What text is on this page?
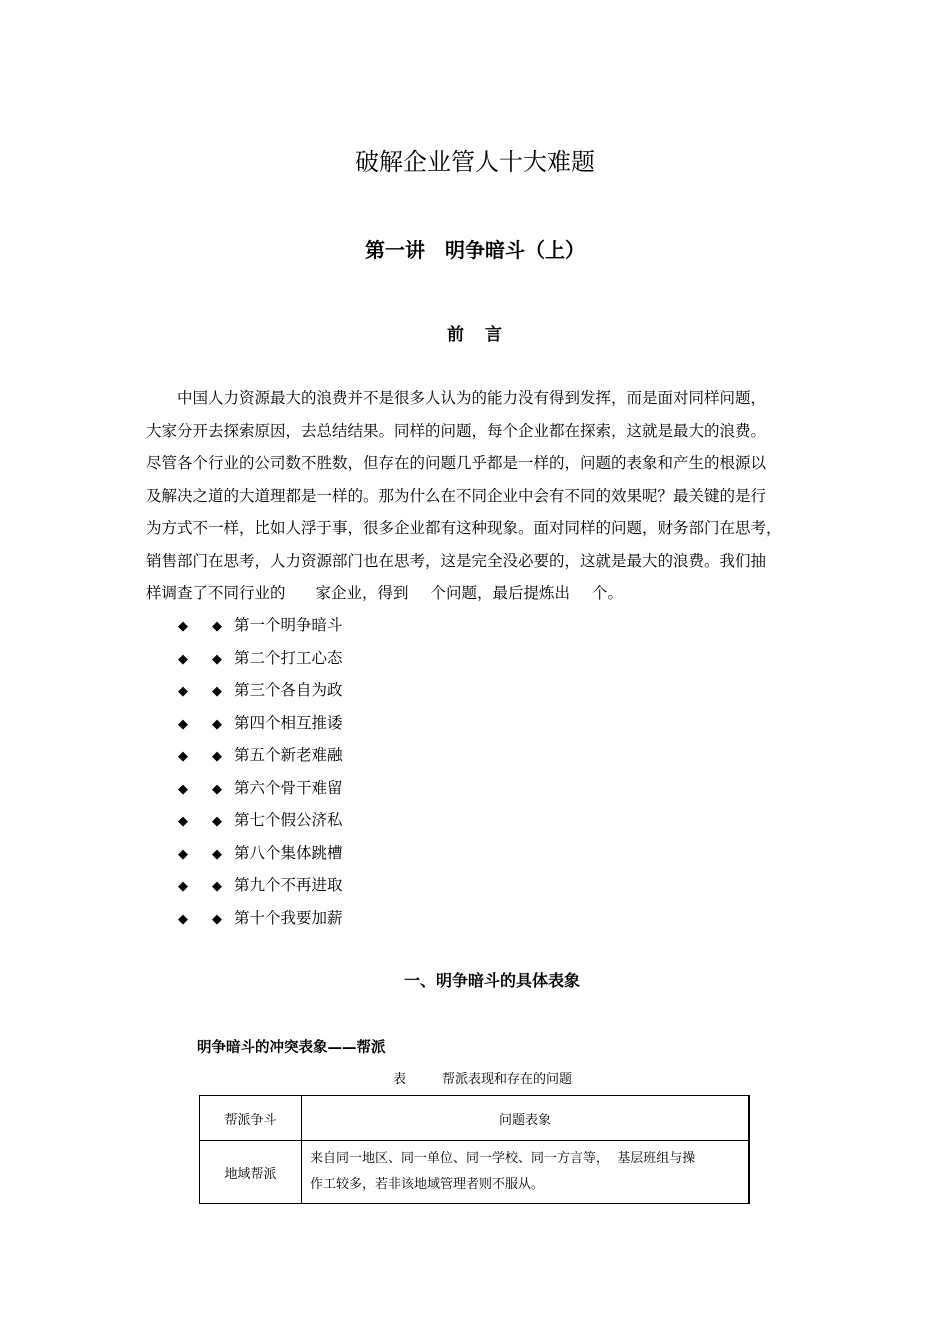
破解企业管人十大难题
第一讲　明争暗斗（上）
前 言

中国人力资源最大的浪费并不是很多人认为的能力没有得到发挥，而是面对同样问题，
大家分开去探索原因，去总结结果。同样的问题，每个企业都在探索，这就是最大的浪费。
尽管各个行业的公司数不胜数，但存在的问题几乎都是一样的，问题的表象和产生的根源以
及解决之道的大道理都是一样的。那为什么在不同企业中会有不同的效果呢？最关键的是行
为方式不一样，比如人浮于事，很多企业都有这种现象。面对同样的问题，财务部门在思考，
销售部门在思考，人力资源部门也在思考，这是完全没必要的，这就是最大的浪费。我们抽
样调查了不同行业的 家企业，得到 个问题，最后提炼出 个。

◆ ◆ 第一个明争暗斗
◆ ◆ 第二个打工心态
◆ ◆ 第三个各自为政
◆ ◆ 第四个相互推诿
◆ ◆ 第五个新老难融
◆ ◆ 第六个骨干难留
◆ ◆ 第七个假公济私
◆ ◆ 第八个集体跳槽
◆ ◆ 第九个不再进取
◆ ◆ 第十个我要加薪
一、明争暗斗的具体表象
明争暗斗的冲突表象——帮派
表	帮派表现和存在的问题
帮派争斗	问题表象
地域帮派	来自同一地区、同一单位、同一学校、同一方言等，  基层班组与操
作工较多，若非该地域管理者则不服从。
